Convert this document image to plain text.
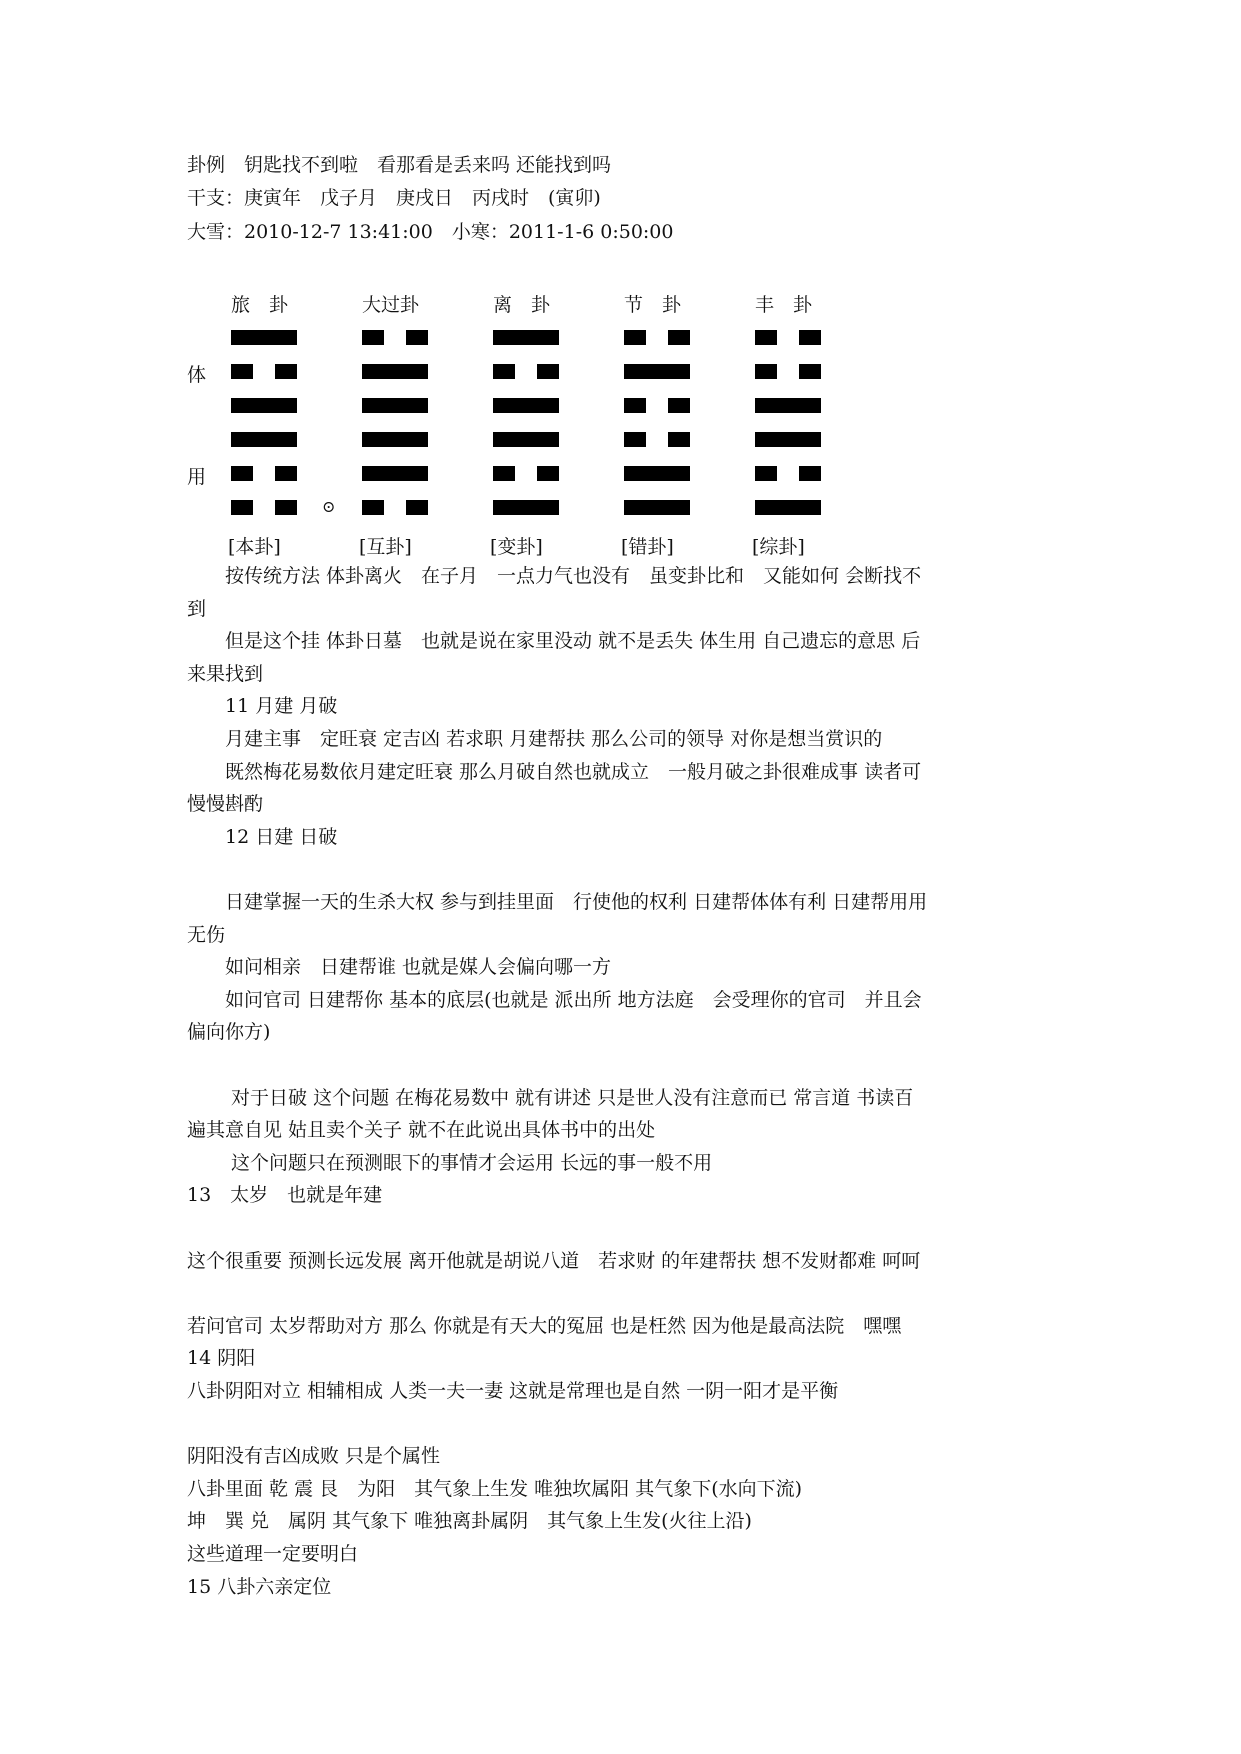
卦例　钥匙找不到啦　看那看是丢来吗 还能找到吗
干支：庚寅年　戊子月　庚戌日　丙戌时　(寅卯)
大雪：2010-12-7 13:41:00　小寒：2011-1-6 0:50:00
旅　卦
[本卦]
大过卦
[互卦]
离　卦
[变卦]
节　卦
[错卦]
丰　卦
[综卦]
体
用
⊙
　　按传统方法 体卦离火　在子月　一点力气也没有　虽变卦比和　又能如何 会断找不
到
　　但是这个挂 体卦日墓　也就是说在家里没动 就不是丢失 体生用 自己遗忘的意思 后
来果找到
　　11 月建 月破
　　月建主事　定旺衰 定吉凶 若求职 月建帮扶 那么公司的领导 对你是想当赏识的
　　既然梅花易数依月建定旺衰 那么月破自然也就成立　一般月破之卦很难成事 读者可
慢慢斟酌
　　12 日建 日破
　　日建掌握一天的生杀大权 参与到挂里面　行使他的权利 日建帮体体有利 日建帮用用
无伤
　　如问相亲　日建帮谁 也就是媒人会偏向哪一方
　　如问官司 日建帮你 基本的底层(也就是 派出所 地方法庭　会受理你的官司　并且会
偏向你方)
　　 对于日破 这个问题 在梅花易数中 就有讲述 只是世人没有注意而已 常言道 书读百
遍其意自见 姑且卖个关子 就不在此说出具体书中的出处
　　 这个问题只在预测眼下的事情才会运用 长远的事一般不用
13　太岁　也就是年建
这个很重要 预测长远发展 离开他就是胡说八道　若求财 的年建帮扶 想不发财都难 呵呵
若问官司 太岁帮助对方 那么 你就是有天大的冤屈 也是枉然 因为他是最高法院　嘿嘿
14 阴阳
八卦阴阳对立 相辅相成 人类一夫一妻 这就是常理也是自然 一阴一阳才是平衡
阴阳没有吉凶成败 只是个属性
八卦里面 乾 震 艮　为阳　其气象上生发 唯独坎属阳 其气象下(水向下流)
坤　巽 兑　属阴 其气象下 唯独离卦属阴　其气象上生发(火往上沿)
这些道理一定要明白
15 八卦六亲定位
